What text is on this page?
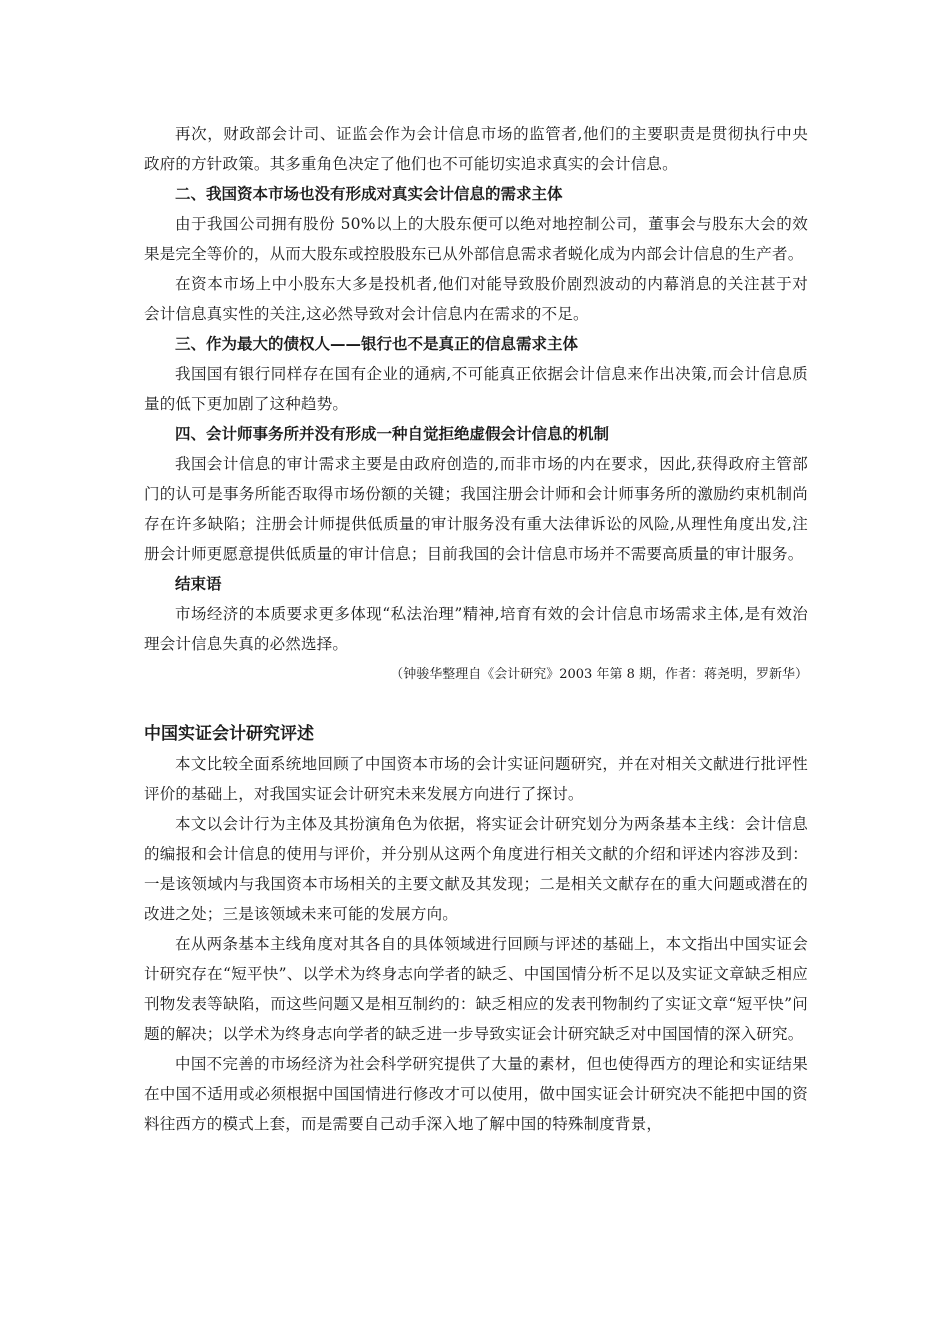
再次，财政部会计司、证监会作为会计信息市场的监管者,他们的主要职责是贯彻执行中央政府的方针政策。其多重角色决定了他们也不可能切实追求真实的会计信息。

二、我国资本市场也没有形成对真实会计信息的需求主体

由于我国公司拥有股份 50%以上的大股东便可以绝对地控制公司，董事会与股东大会的效果是完全等价的，从而大股东或控股股东已从外部信息需求者蜕化成为内部会计信息的生产者。

在资本市场上中小股东大多是投机者,他们对能导致股价剧烈波动的内幕消息的关注甚于对会计信息真实性的关注,这必然导致对会计信息内在需求的不足。

三、作为最大的债权人——银行也不是真正的信息需求主体

我国国有银行同样存在国有企业的通病,不可能真正依据会计信息来作出决策,而会计信息质量的低下更加剧了这种趋势。

四、会计师事务所并没有形成一种自觉拒绝虚假会计信息的机制

我国会计信息的审计需求主要是由政府创造的,而非市场的内在要求，因此,获得政府主管部门的认可是事务所能否取得市场份额的关键；我国注册会计师和会计师事务所的激励约束机制尚存在许多缺陷；注册会计师提供低质量的审计服务没有重大法律诉讼的风险,从理性角度出发,注册会计师更愿意提供低质量的审计信息；目前我国的会计信息市场并不需要高质量的审计服务。

结束语

市场经济的本质要求更多体现“私法治理”精神,培育有效的会计信息市场需求主体,是有效治理会计信息失真的必然选择。

（钟骏华整理自《会计研究》2003 年第 8 期，作者：蒋尧明，罗新华）

中国实证会计研究评述

本文比较全面系统地回顾了中国资本市场的会计实证问题研究，并在对相关文献进行批评性评价的基础上，对我国实证会计研究未来发展方向进行了探讨。

本文以会计行为主体及其扮演角色为依据，将实证会计研究划分为两条基本主线：会计信息的编报和会计信息的使用与评价，并分别从这两个角度进行相关文献的介绍和评述内容涉及到：一是该领域内与我国资本市场相关的主要文献及其发现；二是相关文献存在的重大问题或潜在的改进之处；三是该领域未来可能的发展方向。

在从两条基本主线角度对其各自的具体领域进行回顾与评述的基础上，本文指出中国实证会计研究存在“短平快”、以学术为终身志向学者的缺乏、中国国情分析不足以及实证文章缺乏相应刊物发表等缺陷，而这些问题又是相互制约的：缺乏相应的发表刊物制约了实证文章“短平快”问题的解决；以学术为终身志向学者的缺乏进一步导致实证会计研究缺乏对中国国情的深入研究。

中国不完善的市场经济为社会科学研究提供了大量的素材，但也使得西方的理论和实证结果在中国不适用或必须根据中国国情进行修改才可以使用，做中国实证会计研究决不能把中国的资料往西方的模式上套，而是需要自己动手深入地了解中国的特殊制度背景，
